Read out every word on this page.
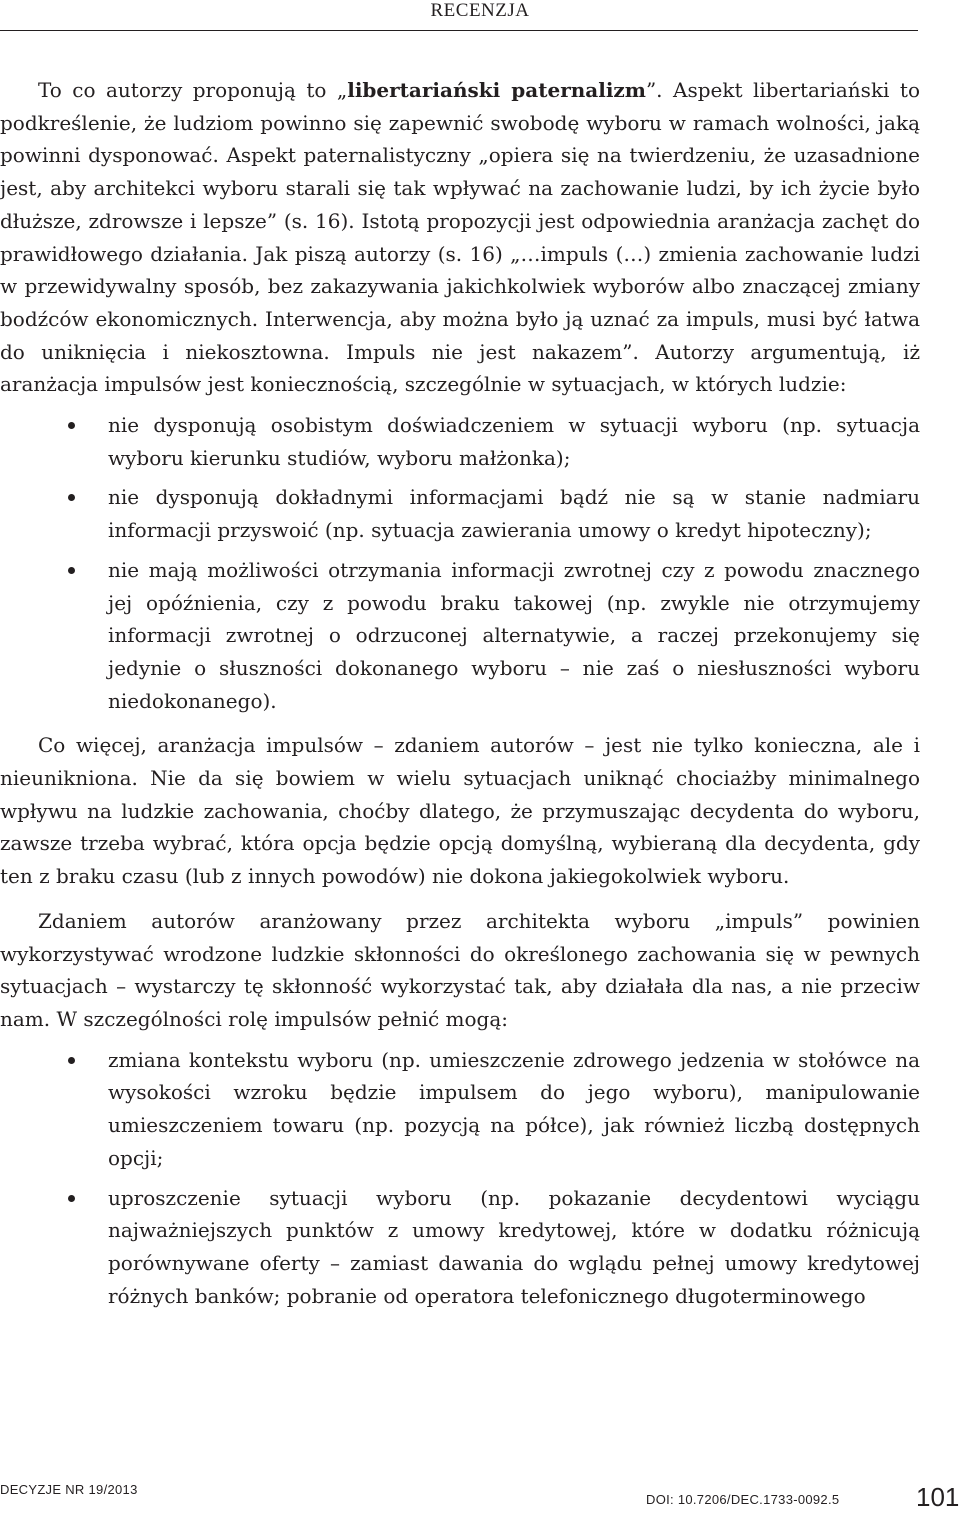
RECENZJA

To co autorzy proponują to „libertariański paternalizm”. Aspekt libertariański to podkreślenie, że ludziom powinno się zapewnić swobodę wyboru w ramach wolności, jaką powinni dysponować. Aspekt paternalistyczny „opiera się na twierdzeniu, że uzasadnione jest, aby architekci wyboru starali się tak wpływać na zachowanie ludzi, by ich życie było dłuższe, zdrowsze i lepsze” (s. 16). Istotą propozycji jest odpowiednia aranżacja zachęt do prawidłowego działania. Jak piszą autorzy (s. 16) „…impuls (…) zmienia zachowanie ludzi w przewidywalny sposób, bez zakazywania jakichkolwiek wyborów albo znaczącej zmiany bodźców ekonomicznych. Interwencja, aby można było ją uznać za impuls, musi być łatwa do uniknięcia i niekosztowna. Impuls nie jest nakazem”. Autorzy argumentują, iż aranżacja impulsów jest koniecznością, szczególnie w sytuacjach, w których ludzie:

nie dysponują osobistym doświadczeniem w sytuacji wyboru (np. sytuacja wyboru kierunku studiów, wyboru małżonka);
nie dysponują dokładnymi informacjami bądź nie są w stanie nadmiaru informacji przyswoić (np. sytuacja zawierania umowy o kredyt hipoteczny);
nie mają możliwości otrzymania informacji zwrotnej czy z powodu znacznego jej opóźnienia, czy z powodu braku takowej (np. zwykle nie otrzymujemy informacji zwrotnej o odrzuconej alternatywie, a raczej przekonujemy się jedynie o słuszności dokonanego wyboru – nie zaś o niesłuszności wyboru niedokonanego).

Co więcej, aranżacja impulsów – zdaniem autorów – jest nie tylko konieczna, ale i nieunikniona. Nie da się bowiem w wielu sytuacjach uniknąć chociażby minimalnego wpływu na ludzkie zachowania, choćby dlatego, że przymuszając decydenta do wyboru, zawsze trzeba wybrać, która opcja będzie opcją domyślną, wybieraną dla decydenta, gdy ten z braku czasu (lub z innych powodów) nie dokona jakiegokolwiek wyboru.

Zdaniem autorów aranżowany przez architekta wyboru „impuls” powinien wykorzystywać wrodzone ludzkie skłonności do określonego zachowania się w pewnych sytuacjach – wystarczy tę skłonność wykorzystać tak, aby działała dla nas, a nie przeciw nam. W szczególności rolę impulsów pełnić mogą:

zmiana kontekstu wyboru (np. umieszczenie zdrowego jedzenia w stołówce na wysokości wzroku będzie impulsem do jego wyboru), manipulowanie umieszczeniem towaru (np. pozycją na półce), jak również liczbą dostępnych opcji;
uproszczenie sytuacji wyboru (np. pokazanie decydentowi wyciągu najważniejszych punktów z umowy kredytowej, które w dodatku różnicują porównywane oferty – zamiast dawania do wglądu pełnej umowy kredytowej różnych banków; pobranie od operatora telefonicznego długoterminowego
DECYZJE NR 19/2013
DOI: 10.7206/DEC.1733-0092.5	101
